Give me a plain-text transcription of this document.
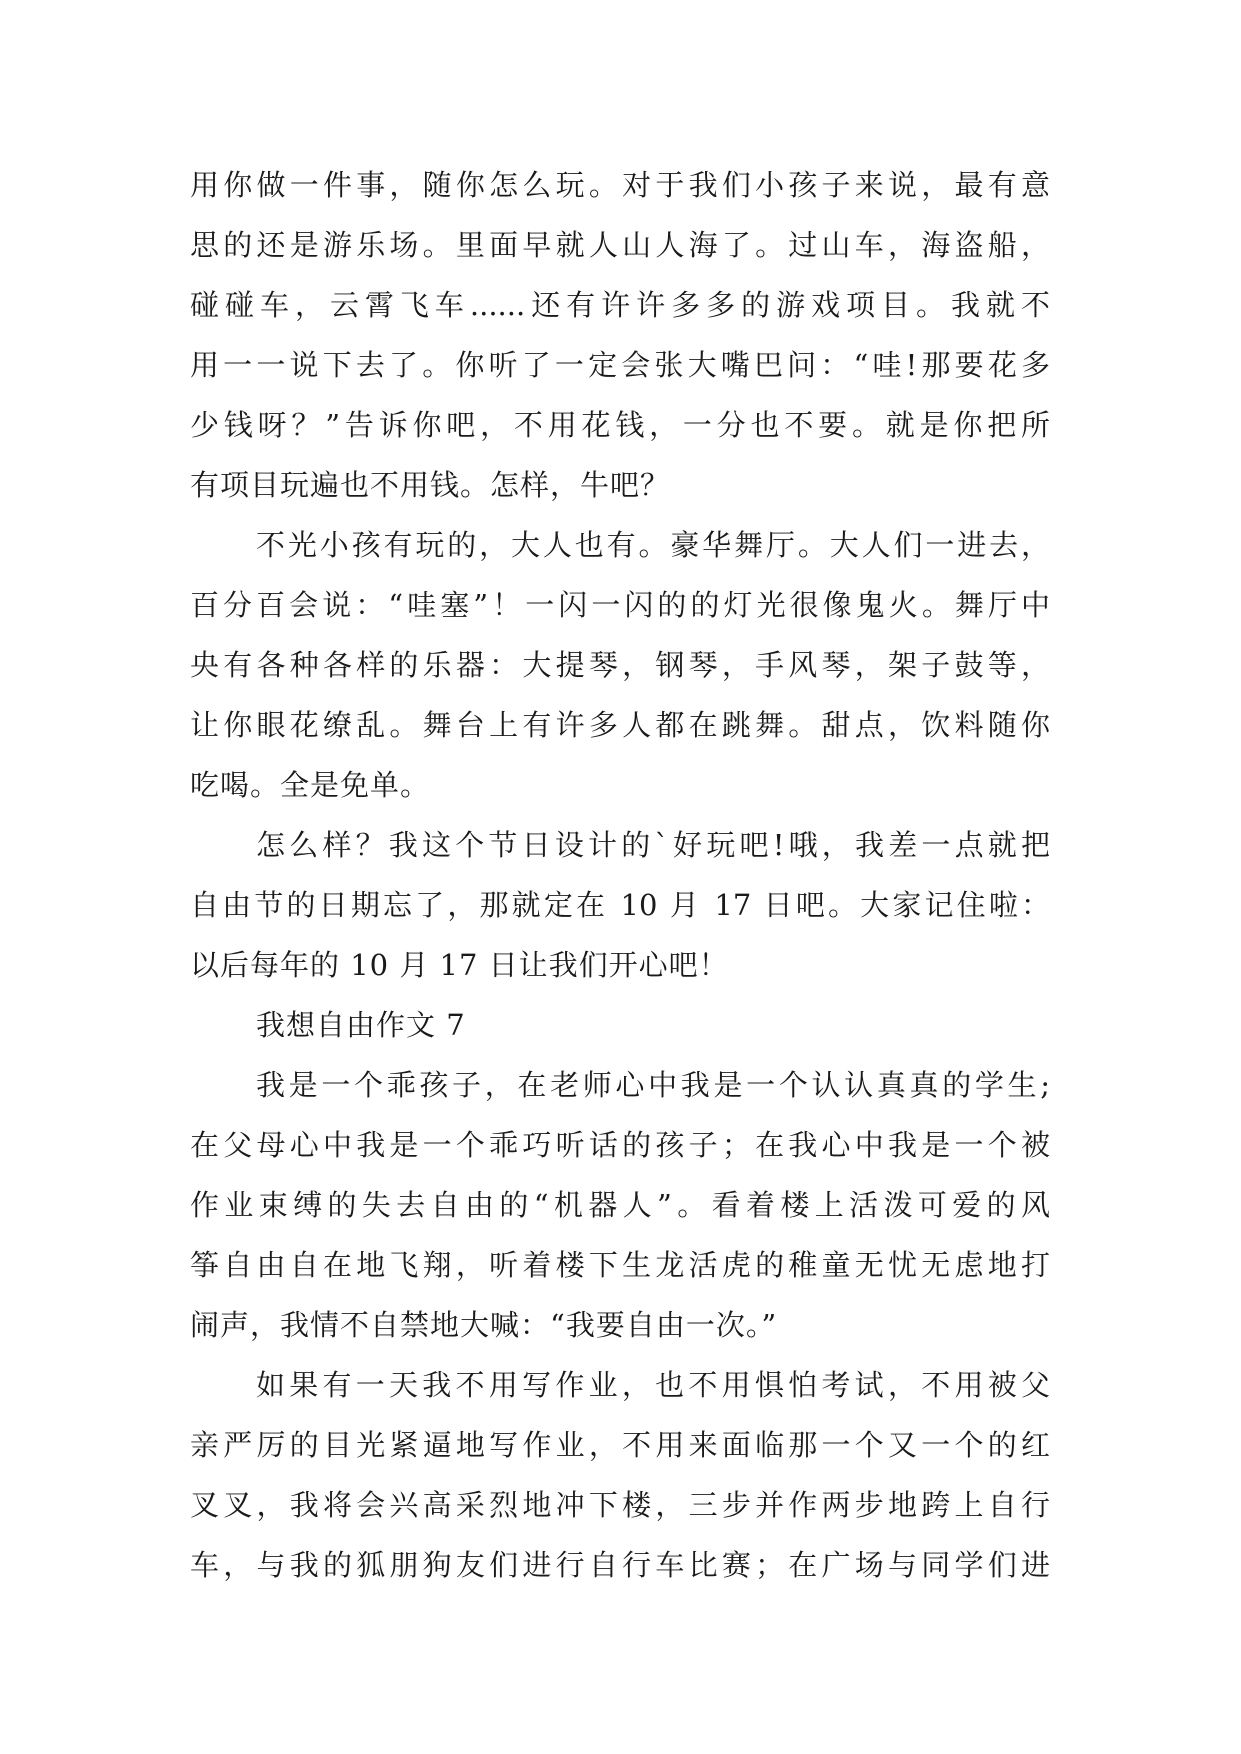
用你做一件事，随你怎么玩。对于我们小孩子来说，最有意
思的还是游乐场。里面早就人山人海了。过山车，海盗船，
碰碰车，云霄飞车......还有许许多多的游戏项目。我就不
用一一说下去了。你听了一定会张大嘴巴问：“哇!那要花多
少钱呀？”告诉你吧，不用花钱，一分也不要。就是你把所
有项目玩遍也不用钱。怎样，牛吧？
不光小孩有玩的，大人也有。豪华舞厅。大人们一进去，
百分百会说：“哇塞”！一闪一闪的的灯光很像鬼火。舞厅中
央有各种各样的乐器：大提琴，钢琴，手风琴，架子鼓等，
让你眼花缭乱。舞台上有许多人都在跳舞。甜点，饮料随你
吃喝。全是免单。
怎么样？我这个节日设计的`好玩吧!哦，我差一点就把
自由节的日期忘了，那就定在 10 月 17 日吧。大家记住啦：
以后每年的 10 月 17 日让我们开心吧！
我想自由作文 7
我是一个乖孩子，在老师心中我是一个认认真真的学生;
在父母心中我是一个乖巧听话的孩子；在我心中我是一个被
作业束缚的失去自由的“机器人”。看着楼上活泼可爱的风
筝自由自在地飞翔，听着楼下生龙活虎的稚童无忧无虑地打
闹声，我情不自禁地大喊：“我要自由一次。”
如果有一天我不用写作业，也不用惧怕考试，不用被父
亲严厉的目光紧逼地写作业，不用来面临那一个又一个的红
叉叉，我将会兴高采烈地冲下楼，三步并作两步地跨上自行
车，与我的狐朋狗友们进行自行车比赛；在广场与同学们进
